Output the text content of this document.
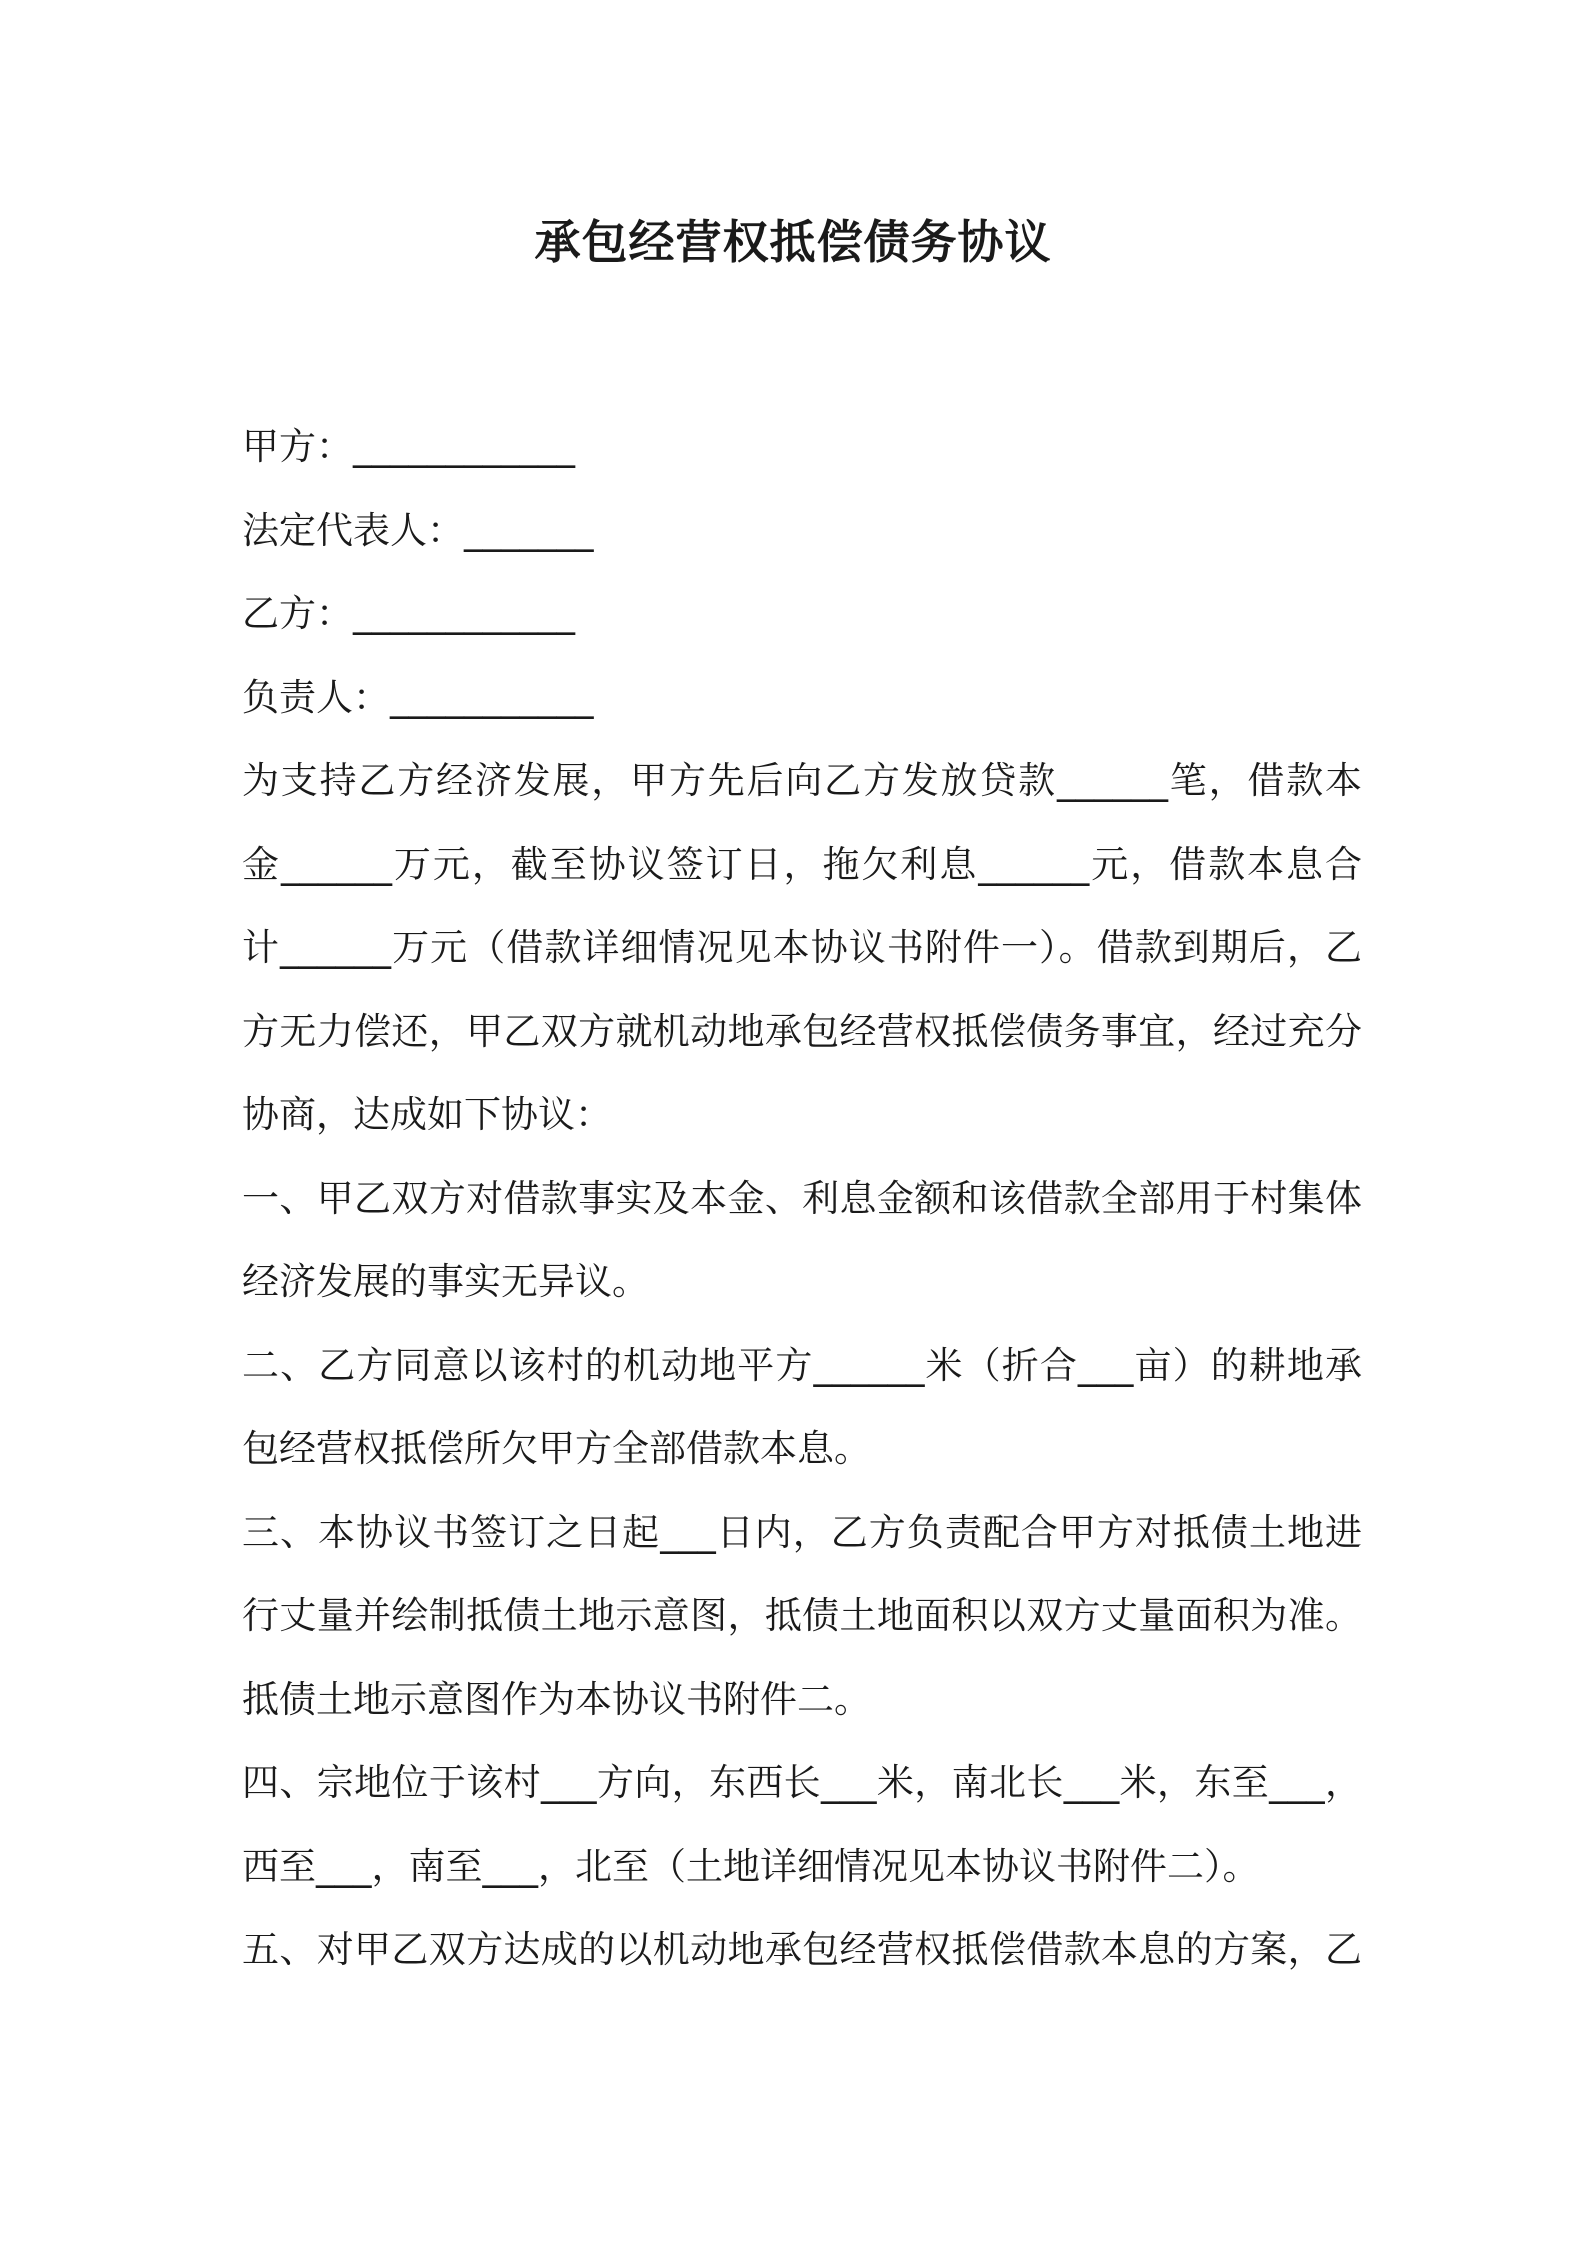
承包经营权抵偿债务协议
甲方：____________
法定代表人：_______
乙方：____________
负责人：___________
为支持乙方经济发展，甲方先后向乙方发放贷款______笔，借款本
金______万元，截至协议签订日，拖欠利息______元，借款本息合
计______万元（借款详细情况见本协议书附件一）。借款到期后，乙
方无力偿还，甲乙双方就机动地承包经营权抵偿债务事宜，经过充分
协商，达成如下协议：
一、甲乙双方对借款事实及本金、利息金额和该借款全部用于村集体
经济发展的事实无异议。
二、乙方同意以该村的机动地平方______米（折合___亩）的耕地承
包经营权抵偿所欠甲方全部借款本息。
三、本协议书签订之日起___日内，乙方负责配合甲方对抵债土地进
行丈量并绘制抵债土地示意图，抵债土地面积以双方丈量面积为准。
抵债土地示意图作为本协议书附件二。
四、宗地位于该村___方向，东西长___米，南北长___米，东至___，
西至___，南至___，北至（土地详细情况见本协议书附件二）。
五、对甲乙双方达成的以机动地承包经营权抵偿借款本息的方案，乙
